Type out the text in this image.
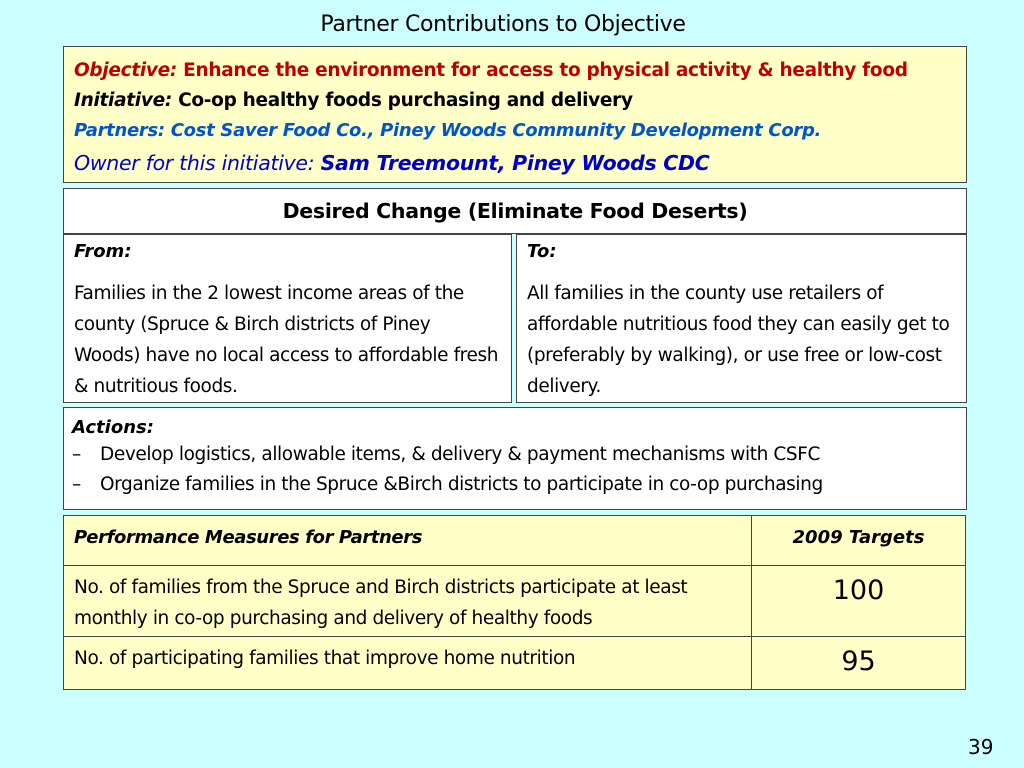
Partner Contributions to Objective
Objective: Enhance the environment for access to physical activity & healthy food
Initiative: Co-op healthy foods purchasing and delivery
Partners: Cost Saver Food Co., Piney Woods Community Development Corp.
Owner for this initiative: Sam Treemount, Piney Woods CDC
Desired Change (Eliminate Food Deserts)
From:
Families in the 2 lowest income areas of the county (Spruce & Birch districts of Piney Woods) have no local access to affordable fresh & nutritious foods.
To:
All families in the county use retailers of affordable nutritious food they can easily get to (preferably by walking), or use free or low-cost delivery.
Actions:
– Develop logistics, allowable items, & delivery & payment mechanisms with CSFC
– Organize families in the Spruce &Birch districts to participate in co-op purchasing
Performance Measures for Partners	2009 Targets
No. of families from the Spruce and Birch districts participate at least monthly in co-op purchasing and delivery of healthy foods
100
No. of participating families that improve home nutrition	95
39
